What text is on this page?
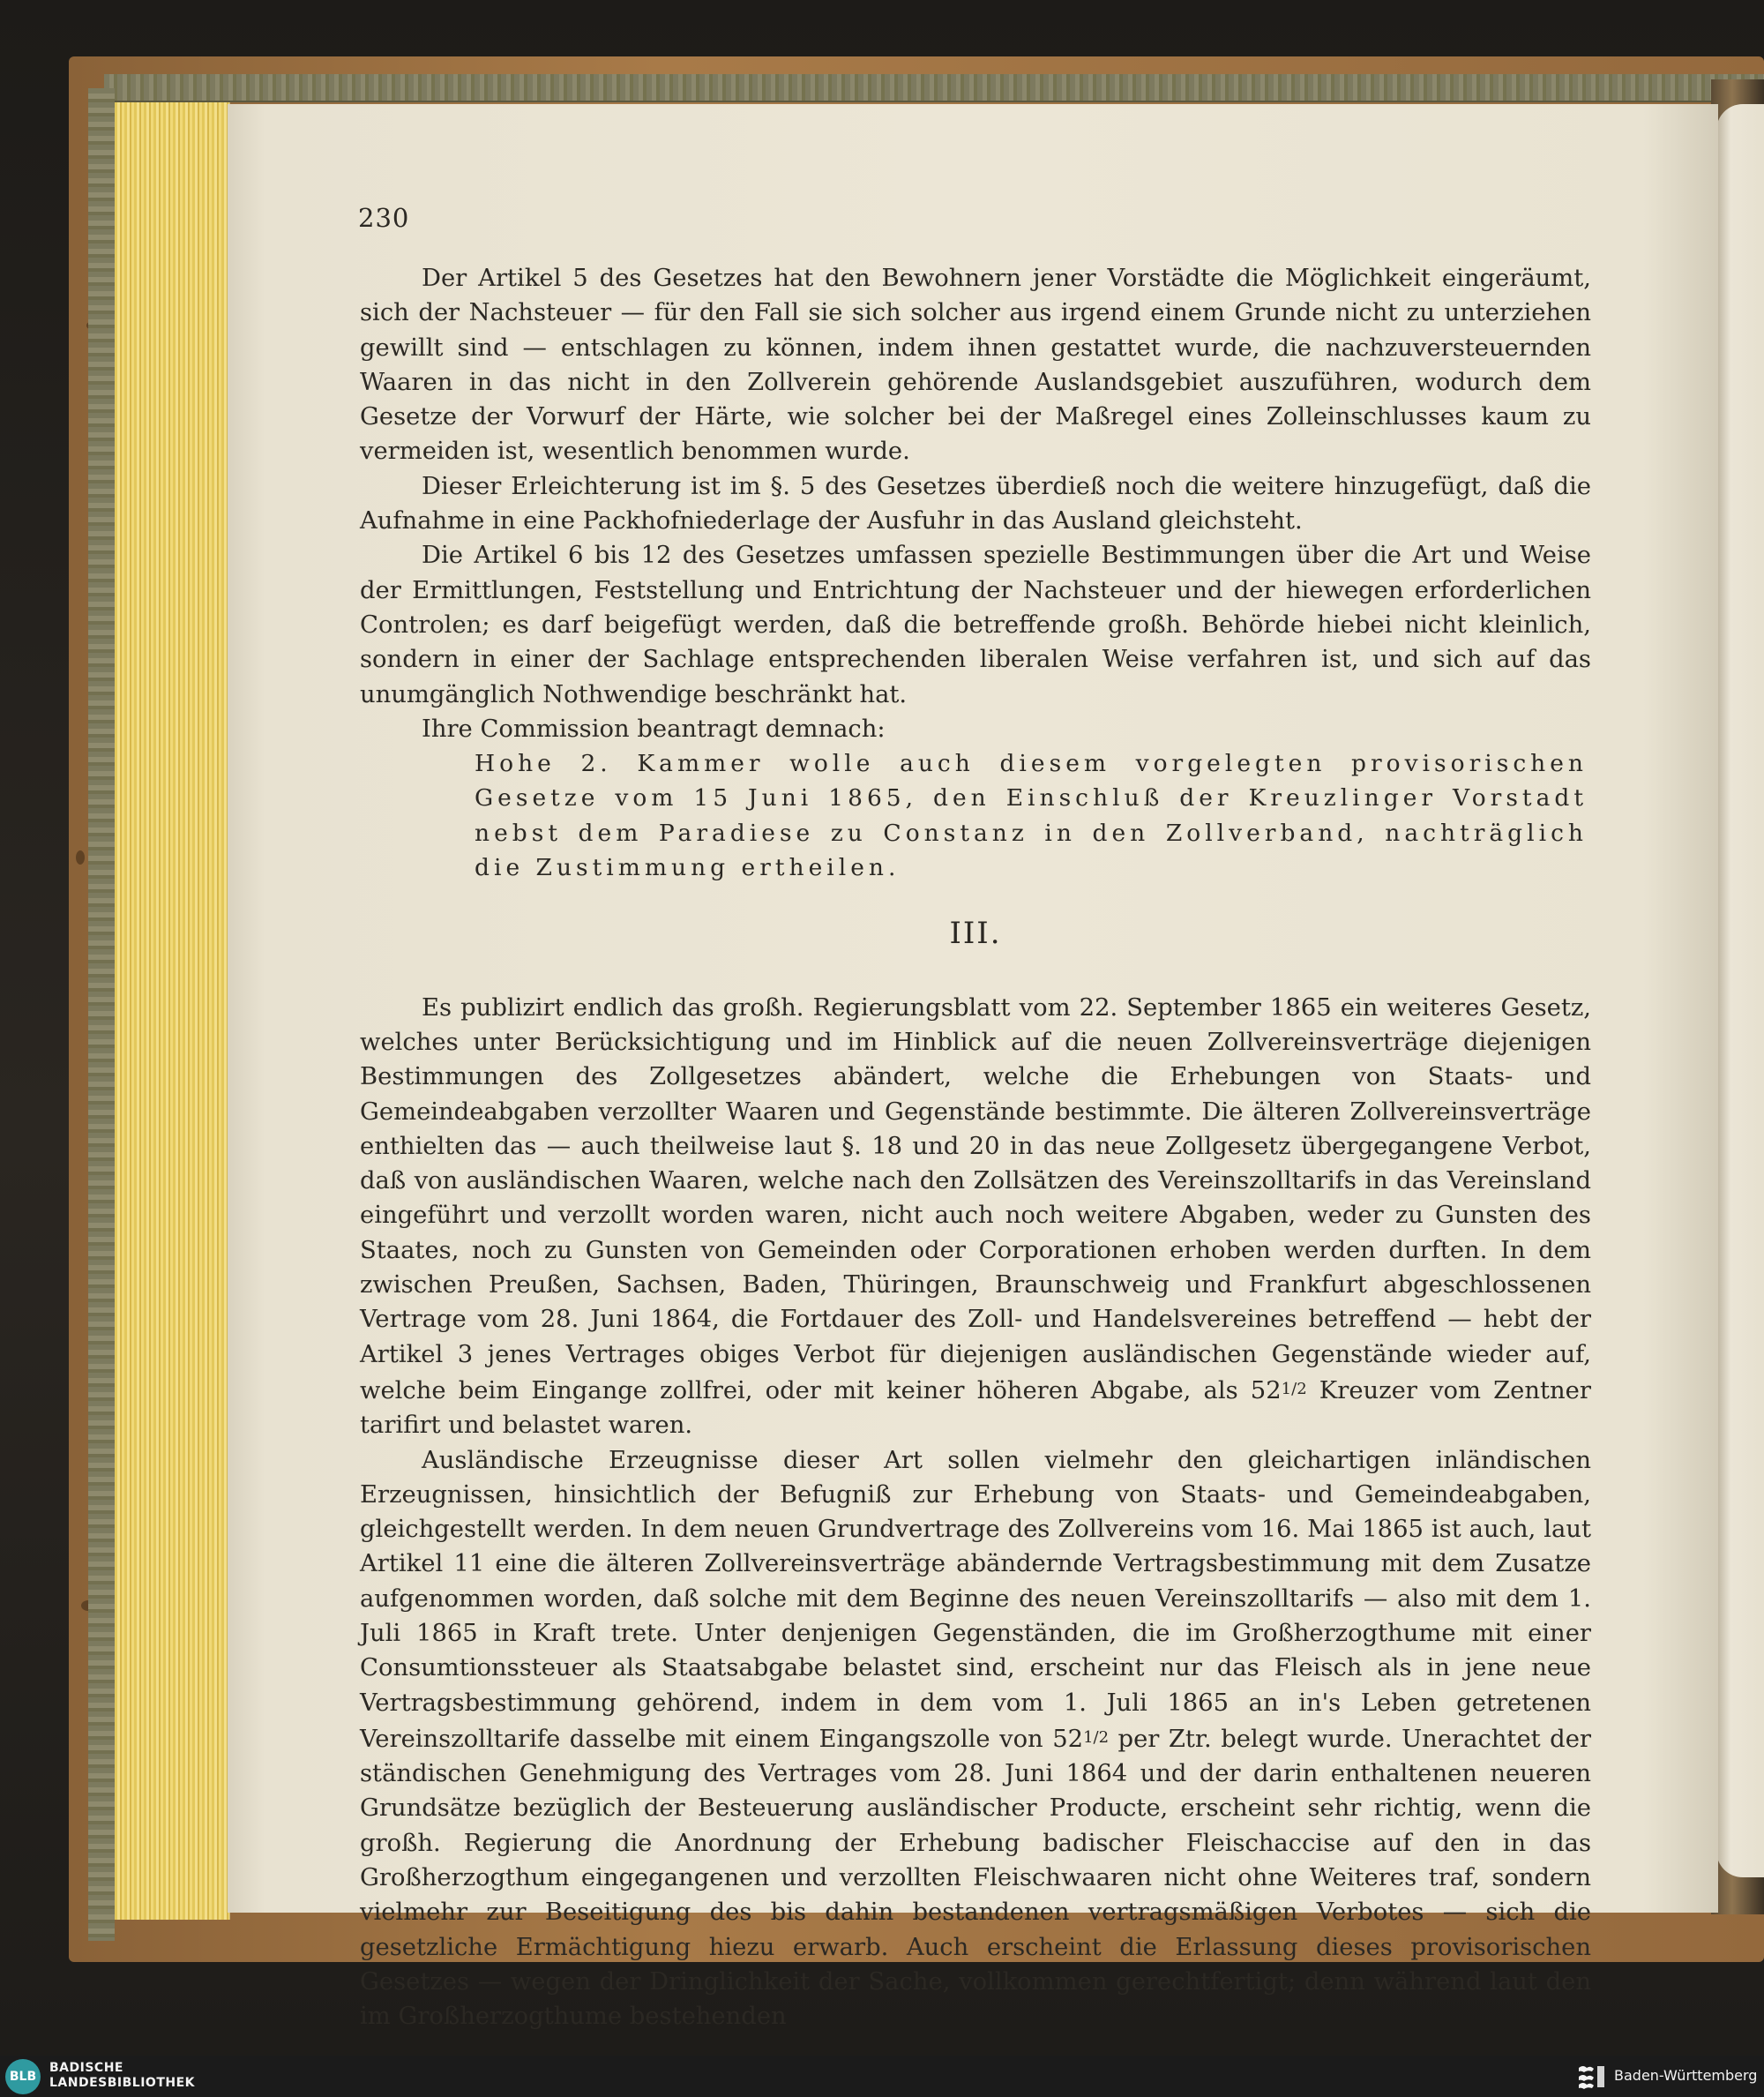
230

Der Artikel 5 des Gesetzes hat den Bewohnern jener Vorstädte die Möglichkeit eingeräumt, sich der Nachsteuer — für den Fall sie sich solcher aus irgend einem Grunde nicht zu unterziehen gewillt sind — entschlagen zu können, indem ihnen gestattet wurde, die nachzuversteuernden Waaren in das nicht in den Zollverein gehörende Auslandsgebiet auszuführen, wodurch dem Gesetze der Vorwurf der Härte, wie solcher bei der Maßregel eines Zolleinschlusses kaum zu vermeiden ist, wesentlich benommen wurde.

Dieser Erleichterung ist im §. 5 des Gesetzes überdieß noch die weitere hinzugefügt, daß die Aufnahme in eine Packhofniederlage der Ausfuhr in das Ausland gleichsteht.

Die Artikel 6 bis 12 des Gesetzes umfassen spezielle Bestimmungen über die Art und Weise der Ermittlungen, Feststellung und Entrichtung der Nachsteuer und der hiewegen erforderlichen Controlen; es darf beigefügt werden, daß die betreffende großh. Behörde hiebei nicht kleinlich, sondern in einer der Sachlage entsprechenden liberalen Weise verfahren ist, und sich auf das unumgänglich Nothwendige beschränkt hat.

Ihre Commission beantragt demnach:

Hohe 2. Kammer wolle auch diesem vorgelegten provisorischen Gesetze vom 15 Juni 1865, den Einschluß der Kreuzlinger Vorstadt nebst dem Paradiese zu Constanz in den Zollverband, nachträglich die Zustimmung ertheilen.

III.

Es publizirt endlich das großh. Regierungsblatt vom 22. September 1865 ein weiteres Gesetz, welches unter Berücksichtigung und im Hinblick auf die neuen Zollvereinsverträge diejenigen Bestimmungen des Zollgesetzes abändert, welche die Erhebungen von Staats- und Gemeindeabgaben verzollter Waaren und Gegenstände bestimmte. Die älteren Zollvereinsverträge enthielten das — auch theilweise laut §. 18 und 20 in das neue Zollgesetz übergegangene Verbot, daß von ausländischen Waaren, welche nach den Zollsätzen des Vereinszolltarifs in das Vereinsland eingeführt und verzollt worden waren, nicht auch noch weitere Abgaben, weder zu Gunsten des Staates, noch zu Gunsten von Gemeinden oder Corporationen erhoben werden durften. In dem zwischen Preußen, Sachsen, Baden, Thüringen, Braunschweig und Frankfurt abgeschlossenen Vertrage vom 28. Juni 1864, die Fortdauer des Zoll- und Handelsvereines betreffend — hebt der Artikel 3 jenes Vertrages obiges Verbot für diejenigen ausländischen Gegenstände wieder auf, welche beim Eingange zollfrei, oder mit keiner höheren Abgabe, als 521/2 Kreuzer vom Zentner tarifirt und belastet waren.

Ausländische Erzeugnisse dieser Art sollen vielmehr den gleichartigen inländischen Erzeugnissen, hinsichtlich der Befugniß zur Erhebung von Staats- und Gemeindeabgaben, gleichgestellt werden. In dem neuen Grundvertrage des Zollvereins vom 16. Mai 1865 ist auch, laut Artikel 11 eine die älteren Zollvereinsverträge abändernde Vertragsbestimmung mit dem Zusatze aufgenommen worden, daß solche mit dem Beginne des neuen Vereinszolltarifs — also mit dem 1. Juli 1865 in Kraft trete. Unter denjenigen Gegenständen, die im Großherzogthume mit einer Consumtionssteuer als Staatsabgabe belastet sind, erscheint nur das Fleisch als in jene neue Vertragsbestimmung gehörend, indem in dem vom 1. Juli 1865 an in's Leben getretenen Vereinszolltarife dasselbe mit einem Eingangszolle von 521/2 per Ztr. belegt wurde. Unerachtet der ständischen Genehmigung des Vertrages vom 28. Juni 1864 und der darin enthaltenen neueren Grundsätze bezüglich der Besteuerung ausländischer Producte, erscheint sehr richtig, wenn die großh. Regierung die Anordnung der Erhebung badischer Fleischaccise auf den in das Großherzogthum eingegangenen und verzollten Fleischwaaren nicht ohne Weiteres traf, sondern vielmehr zur Beseitigung des bis dahin bestandenen vertragsmäßigen Verbotes — sich die gesetzliche Ermächtigung hiezu erwarb. Auch erscheint die Erlassung dieses provisorischen Gesetzes — wegen der Dringlichkeit der Sache, vollkommen gerechtfertigt; denn während laut den im Großherzogthume bestehenden

BLB
BADISCHE
LANDESBIBLIOTHEK	Baden-Württemberg
